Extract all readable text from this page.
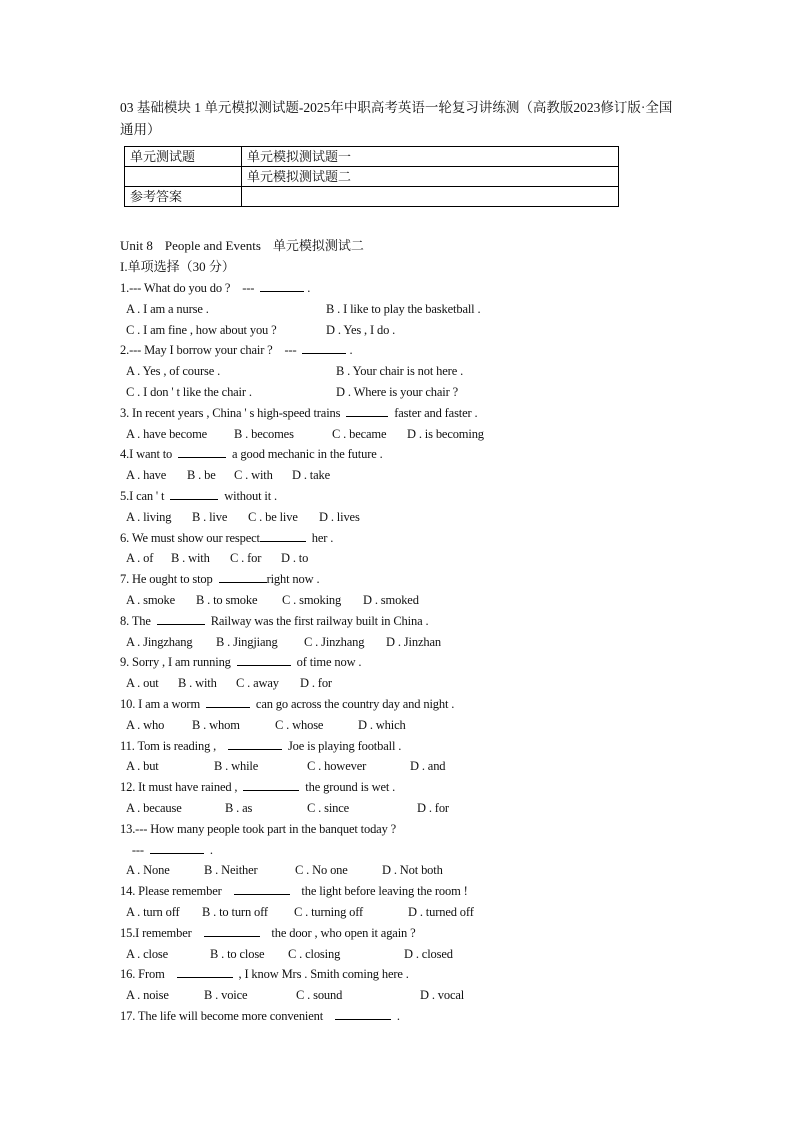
03 基础模块 1 单元模拟测试题-2025年中职高考英语一轮复习讲练测（高教版2023修订版·全国通用）
单元测试题	单元模拟测试题一
	单元模拟测试题二
参考答案	
Unit 8 People and Events 单元模拟测试二
I.单项选择（30 分）
1.--- What do you do ?    ---	.
A . I am a nurse .	B . I like to play the basketball .
C . I am fine , how about you ?	D . Yes , I do .
2.--- May I borrow your chair ?    ---	.
A . Yes , of course .	B . Your chair is not here .
C . I don ' t like the chair .	D . Where is your chair ?
3. In recent years , China ' s high-speed trains	faster and faster .
A . have become B . becomes	C . became D . is becoming
4.I want to	a good mechanic in the future .
A . have B . be C . with D . take
5.I can ' t	without it .
A . living B . live C . be live D . lives
6. We must show our respect	her .
A . of B . with C . for D . to
7. He ought to stop	right now .
A . smoke B . to smoke C . smoking D . smoked
8. The	Railway was the first railway built in China .
A . Jingzhang B . Jingjiang C . Jinzhang D . Jinzhan
9. Sorry , I am running	of time now .
A . out B . with C . away D . for
10. I am a worm	can go across the country day and night .
A . who B . whom	C . whose	D . which
11. Tom is reading ,	Joe is playing football .
A . but	B . while	C . however	D . and
12. It must have rained ,	the ground is wet .
A . because	B . as	C . since	D . for
13.--- How many people took part in the banquet today ?
---	.
A . None	B . Neither	C . No one	D . Not both
14. Please remember	the light before leaving the room !
A . turn off B . to turn off C . turning off	D . turned off
15.I remember	the door , who open it again ?
A . close	B . to close C . closing	D . closed
16. From	, I know Mrs . Smith coming here .
A . noise	B . voice	C . sound	D . vocal
17. The life will become more convenient	.
